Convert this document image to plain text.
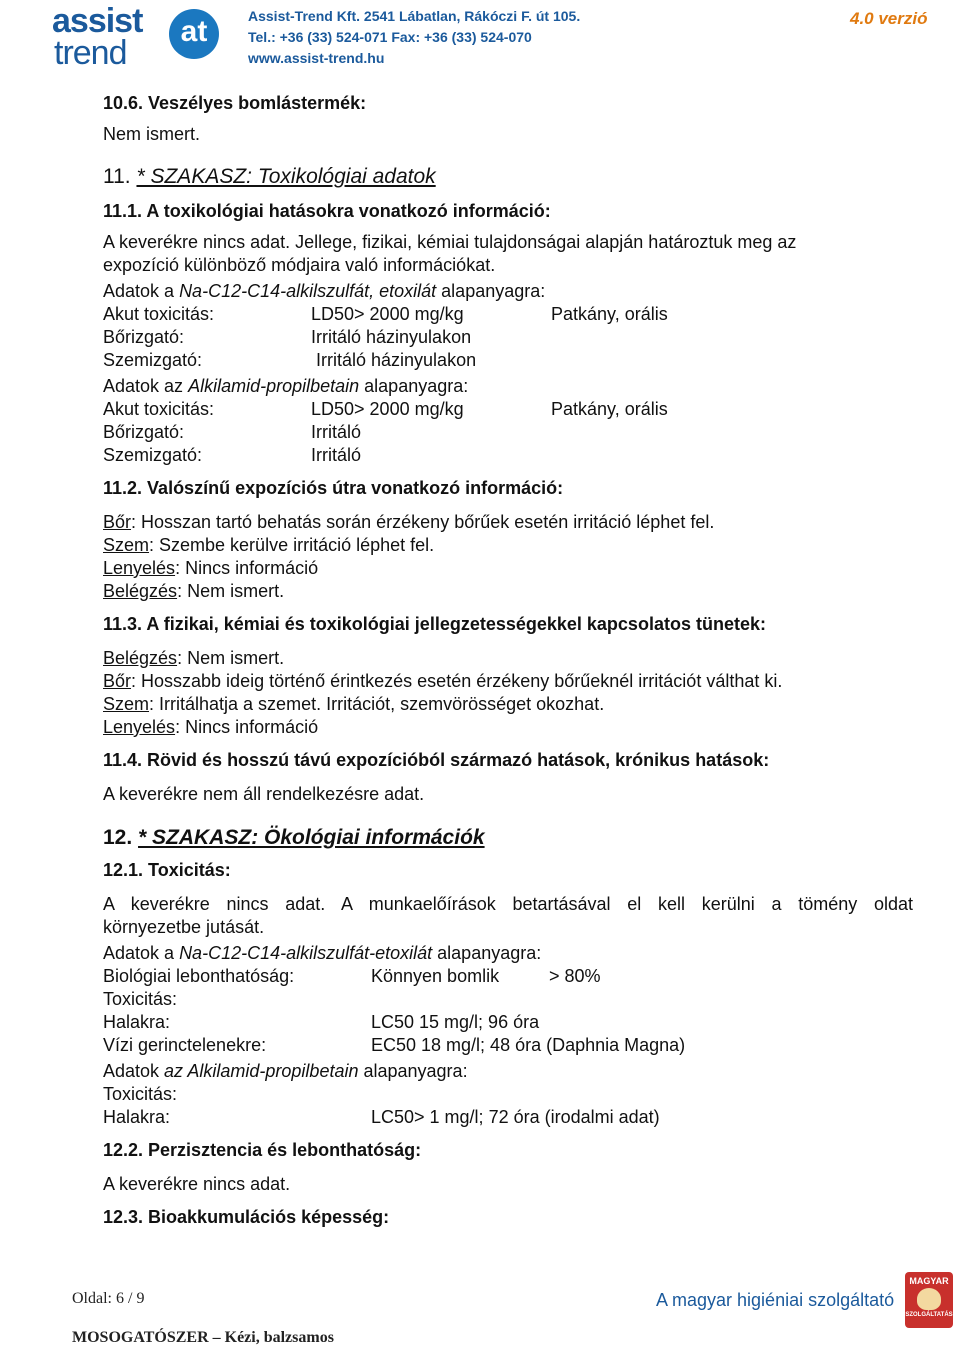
assist
trend
at	Assist-Trend Kft. 2541 Lábatlan, Rákóczi F. út 105.
Tel.: +36 (33) 524-071 Fax: +36 (33) 524-070
www.assist-trend.hu
4.0 verzió
10.6. Veszélyes bomlástermék:
Nem ismert.
11. * SZAKASZ: Toxikológiai adatok
11.1. A toxikológiai hatásokra vonatkozó információ:
A keverékre nincs adat. Jellege, fizikai, kémiai tulajdonságai alapján határoztuk meg az
expozíció különböző módjaira való információkat.
Adatok a Na-C12-C14-alkilszulfát, etoxilát alapanyagra:
Akut toxicitás:	LD50> 2000 mg/kg	Patkány, orális
Bőrizgató:	Irritáló házinyulakon
Szemizgató:	Irritáló házinyulakon
Adatok az Alkilamid-propilbetain alapanyagra:
Akut toxicitás:	LD50> 2000 mg/kg	Patkány, orális
Bőrizgató:	Irritáló
Szemizgató:	Irritáló
11.2. Valószínű expozíciós útra vonatkozó információ:
Bőr: Hosszan tartó behatás során érzékeny bőrűek esetén irritáció léphet fel.
Szem: Szembe kerülve irritáció léphet fel.
Lenyelés: Nincs információ
Belégzés: Nem ismert.
11.3. A fizikai, kémiai és toxikológiai jellegzetességekkel kapcsolatos tünetek:
Belégzés: Nem ismert.
Bőr: Hosszabb ideig történő érintkezés esetén érzékeny bőrűeknél irritációt válthat ki.
Szem: Irritálhatja a szemet. Irritációt, szemvörösséget okozhat.
Lenyelés: Nincs információ
11.4. Rövid és hosszú távú expozícióból származó hatások, krónikus hatások:
A keverékre nem áll rendelkezésre adat.
12. * SZAKASZ: Ökológiai információk
12.1. Toxicitás:
A keverékre nincs adat. A munkaelőírások betartásával el kell kerülni a tömény oldat
környezetbe jutását.
Adatok a Na-C12-C14-alkilszulfát-etoxilát alapanyagra:
Biológiai lebonthatóság:	Könnyen bomlik	> 80%
Toxicitás:
Halakra:	LC50 15 mg/l; 96 óra
Vízi gerinctelenekre:	EC50 18 mg/l; 48 óra (Daphnia Magna)
Adatok az Alkilamid-propilbetain alapanyagra:
Toxicitás:
Halakra:	LC50> 1 mg/l; 72 óra (irodalmi adat)
12.2. Perzisztencia és lebonthatóság:
A keverékre nincs adat.
12.3. Bioakkumulációs képesség:
Oldal: 6 / 9
MOSOGATÓSZER – Kézi, balzsamos
A magyar higiéniai szolgáltató
MAGYAR
SZOLGÁLTATÁS
